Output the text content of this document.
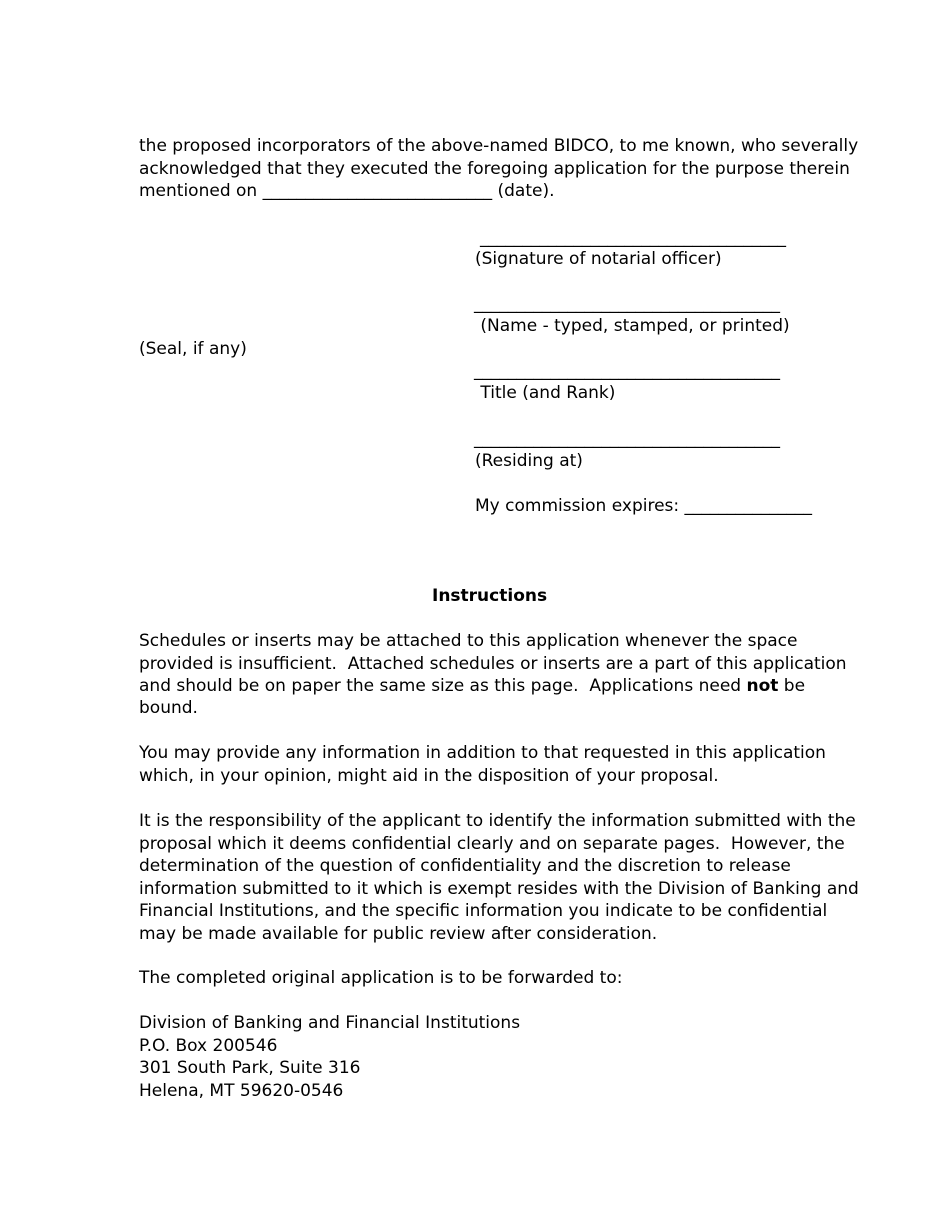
the proposed incorporators of the above-named BIDCO, to me known, who severally

acknowledged that they executed the foregoing application for the purpose therein

mentioned on ___________________________ (date).

____________________________________

(Signature of notarial officer)

____________________________________

(Name - typed, stamped, or printed)

(Seal, if any)

____________________________________

Title (and Rank)

____________________________________

(Residing at)

My commission expires: _______________

Instructions

Schedules or inserts may be attached to this application whenever the space

provided is insufficient.  Attached schedules or inserts are a part of this application

and should be on paper the same size as this page.  Applications need not be

bound.

You may provide any information in addition to that requested in this application

which, in your opinion, might aid in the disposition of your proposal.

It is the responsibility of the applicant to identify the information submitted with the

proposal which it deems confidential clearly and on separate pages.  However, the

determination of the question of confidentiality and the discretion to release

information submitted to it which is exempt resides with the Division of Banking and

Financial Institutions, and the specific information you indicate to be confidential

may be made available for public review after consideration.

The completed original application is to be forwarded to:

Division of Banking and Financial Institutions

P.O. Box 200546

301 South Park, Suite 316

Helena, MT 59620-0546
